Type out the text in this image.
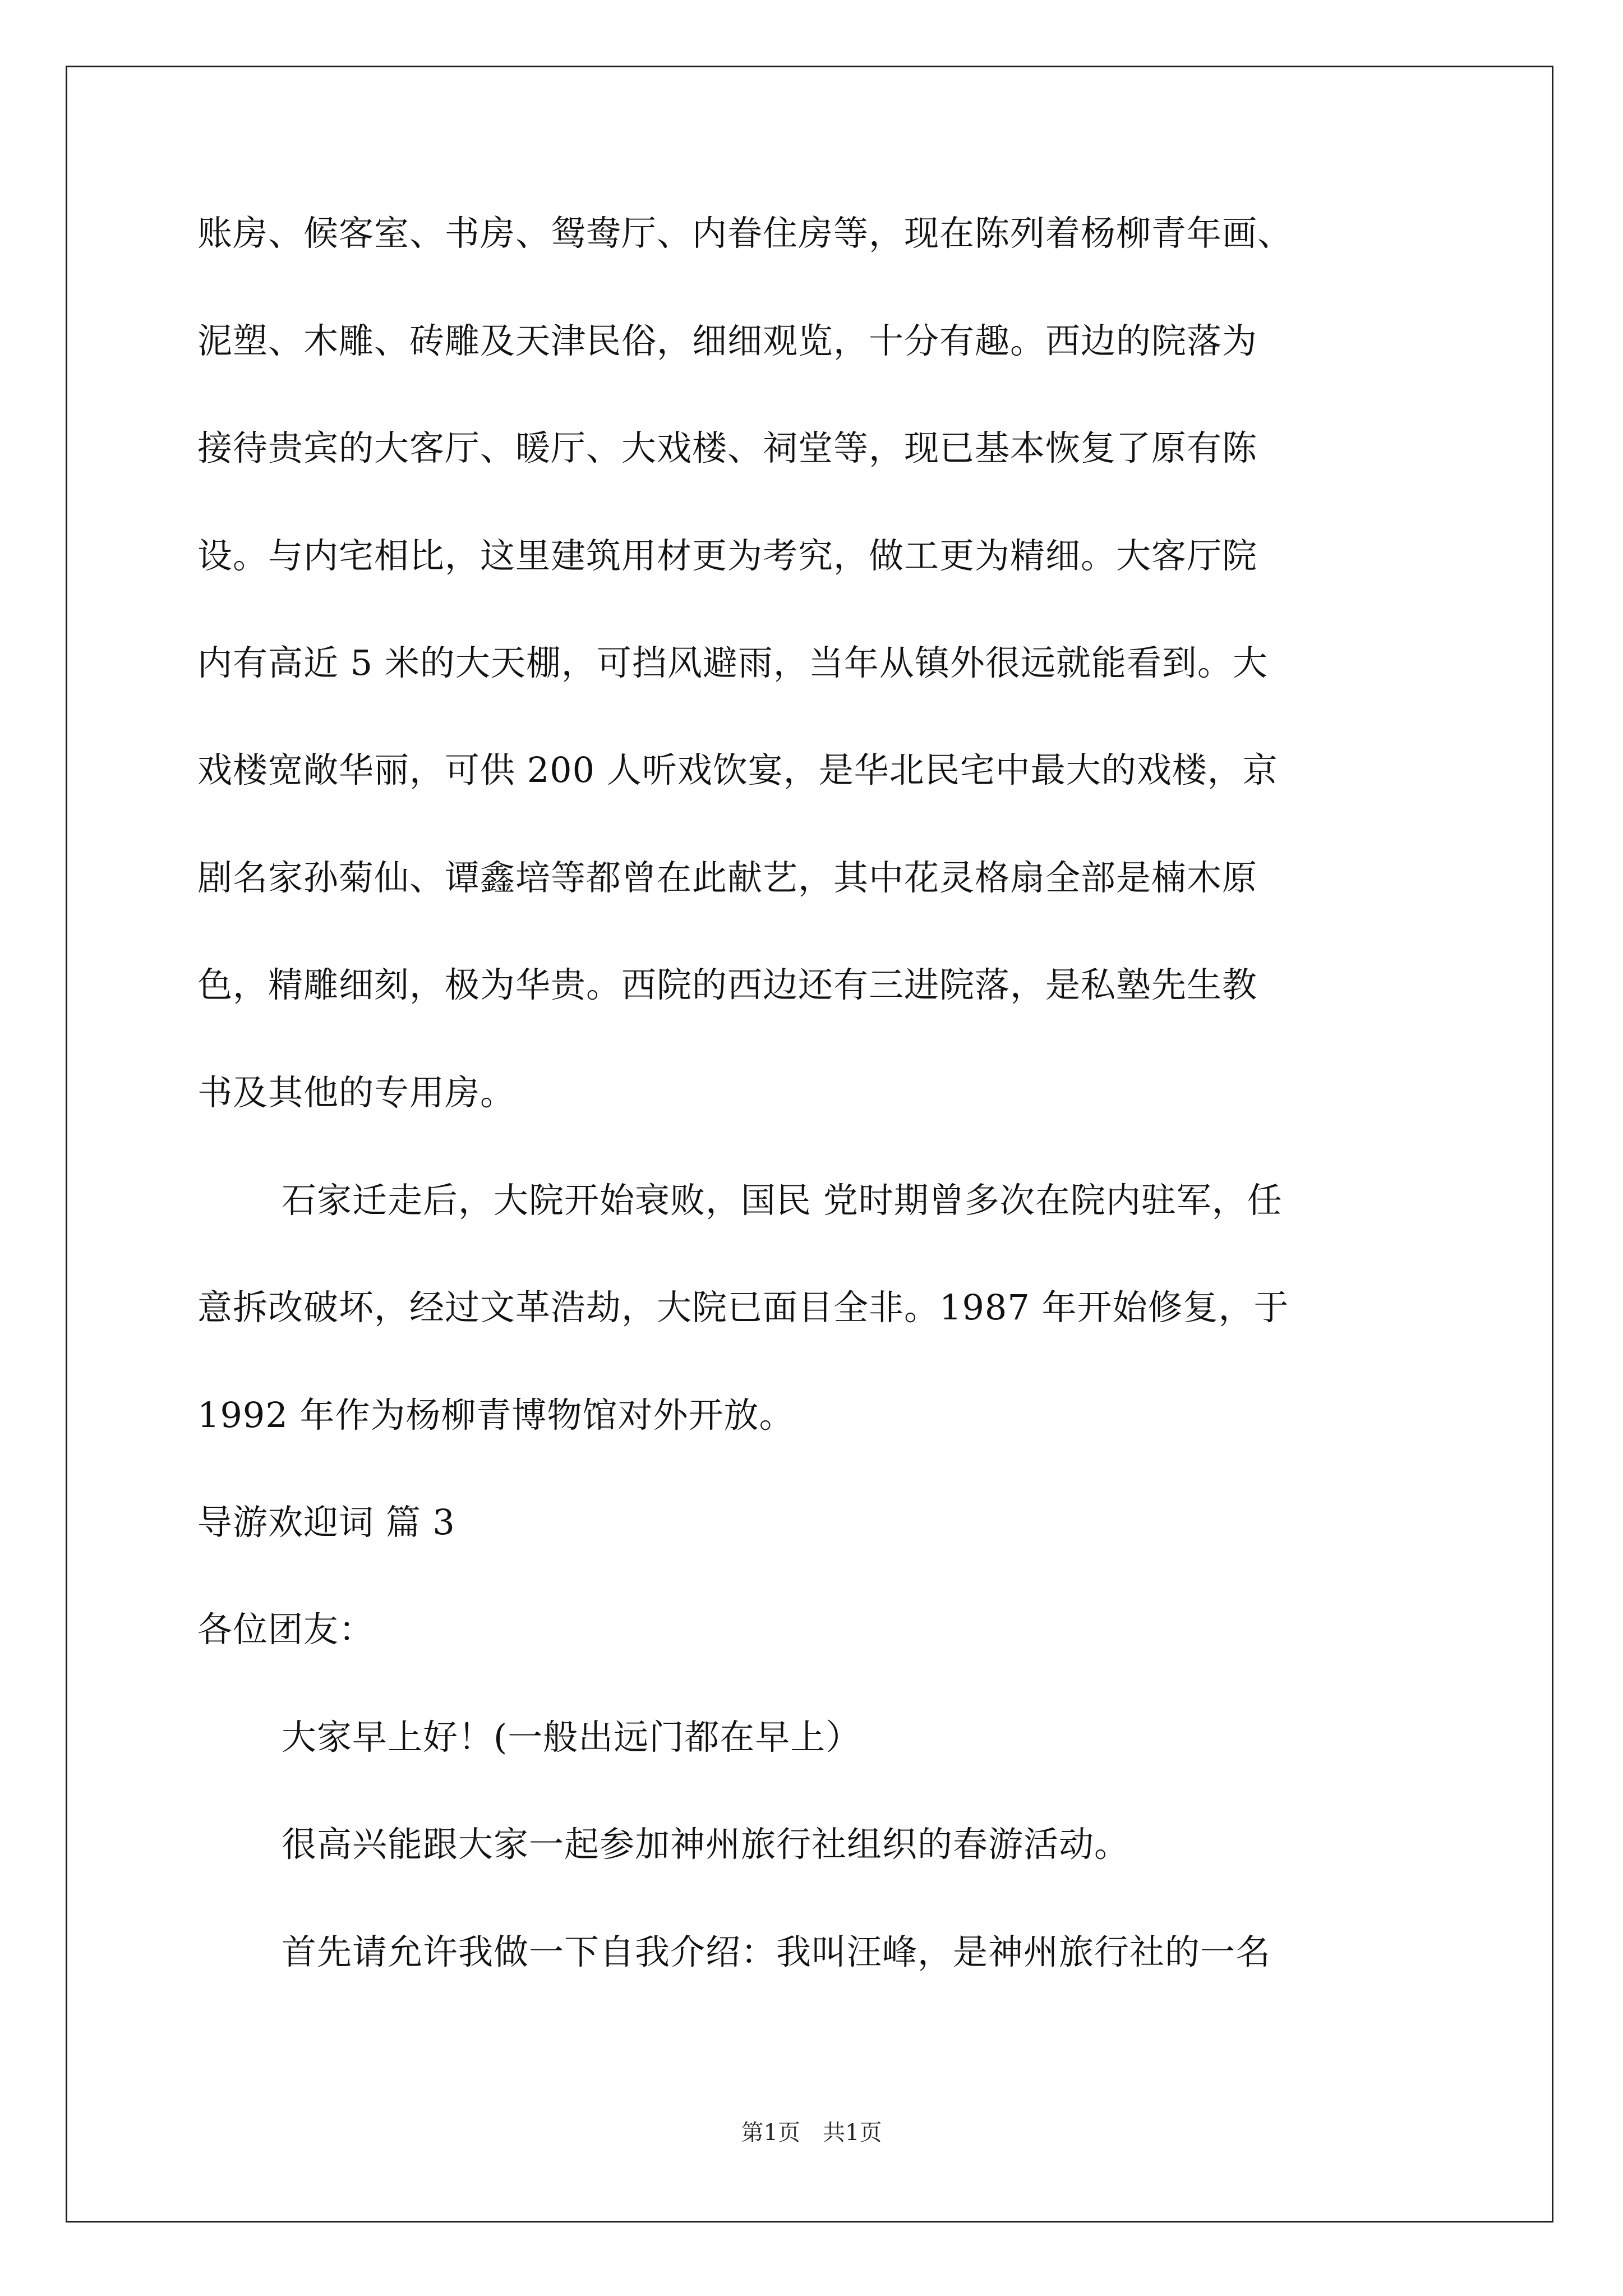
账房、候客室、书房、鸳鸯厅、内眷住房等，现在陈列着杨柳青年画、
泥塑、木雕、砖雕及天津民俗，细细观览，十分有趣。西边的院落为
接待贵宾的大客厅、暖厅、大戏楼、祠堂等，现已基本恢复了原有陈
设。与内宅相比，这里建筑用材更为考究，做工更为精细。大客厅院
内有高近 5 米的大天棚，可挡风避雨，当年从镇外很远就能看到。大
戏楼宽敞华丽，可供 200 人听戏饮宴，是华北民宅中最大的戏楼，京
剧名家孙菊仙、谭鑫培等都曾在此献艺，其中花灵格扇全部是楠木原
色，精雕细刻，极为华贵。西院的西边还有三进院落，是私塾先生教
书及其他的专用房。
石家迁走后，大院开始衰败，国民 党时期曾多次在院内驻军，任
意拆改破坏，经过文革浩劫，大院已面目全非。1987 年开始修复，于
1992 年作为杨柳青博物馆对外开放。
导游欢迎词 篇 3
各位团友：
大家早上好！(一般出远门都在早上）
很高兴能跟大家一起参加神州旅行社组织的春游活动。
首先请允许我做一下自我介绍：我叫汪峰，是神州旅行社的一名
第1页　共1页
